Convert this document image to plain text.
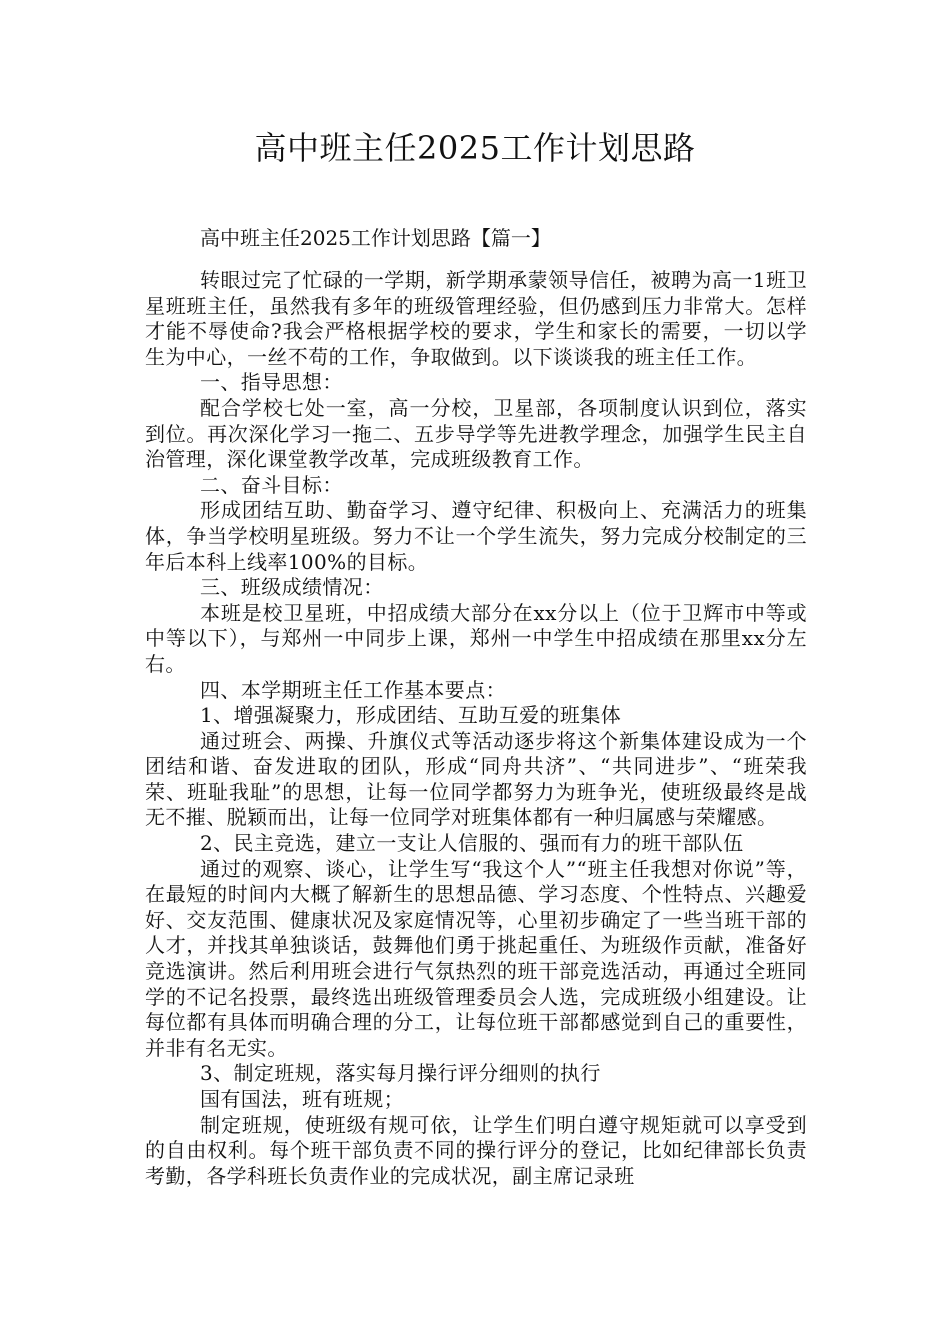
高中班主任2025工作计划思路

高中班主任2025工作计划思路【篇一】

转眼过完了忙碌的一学期，新学期承蒙领导信任，被聘为高一1班卫星班班主任，虽然我有多年的班级管理经验，但仍感到压力非常大。怎样才能不辱使命?我会严格根据学校的要求，学生和家长的需要，一切以学生为中心，一丝不苟的工作，争取做到。以下谈谈我的班主任工作。

一、指导思想：

配合学校七处一室，高一分校，卫星部，各项制度认识到位，落实到位。再次深化学习一拖二、五步导学等先进教学理念，加强学生民主自治管理，深化课堂教学改革，完成班级教育工作。

二、奋斗目标：

形成团结互助、勤奋学习、遵守纪律、积极向上、充满活力的班集体，争当学校明星班级。努力不让一个学生流失，努力完成分校制定的三年后本科上线率100%的目标。

三、班级成绩情况：

本班是校卫星班，中招成绩大部分在xx分以上（位于卫辉市中等或中等以下），与郑州一中同步上课，郑州一中学生中招成绩在那里xx分左右。

四、本学期班主任工作基本要点：

1、增强凝聚力，形成团结、互助互爱的班集体

通过班会、两操、升旗仪式等活动逐步将这个新集体建设成为一个团结和谐、奋发进取的团队，形成“同舟共济”、“共同进步”、“班荣我荣、班耻我耻”的思想，让每一位同学都努力为班争光，使班级最终是战无不摧、脱颖而出，让每一位同学对班集体都有一种归属感与荣耀感。

2、民主竞选，建立一支让人信服的、强而有力的班干部队伍

通过的观察、谈心，让学生写“我这个人”“班主任我想对你说”等，在最短的时间内大概了解新生的思想品德、学习态度、个性特点、兴趣爱好、交友范围、健康状况及家庭情况等，心里初步确定了一些当班干部的人才，并找其单独谈话，鼓舞他们勇于挑起重任、为班级作贡献，准备好竞选演讲。然后利用班会进行气氛热烈的班干部竞选活动，再通过全班同学的不记名投票，最终选出班级管理委员会人选，完成班级小组建设。让每位都有具体而明确合理的分工，让每位班干部都感觉到自己的重要性，并非有名无实。

3、制定班规，落实每月操行评分细则的执行

国有国法，班有班规；

制定班规，使班级有规可依，让学生们明白遵守规矩就可以享受到的自由权利。每个班干部负责不同的操行评分的登记，比如纪律部长负责考勤，各学科班长负责作业的完成状况，副主席记录班
